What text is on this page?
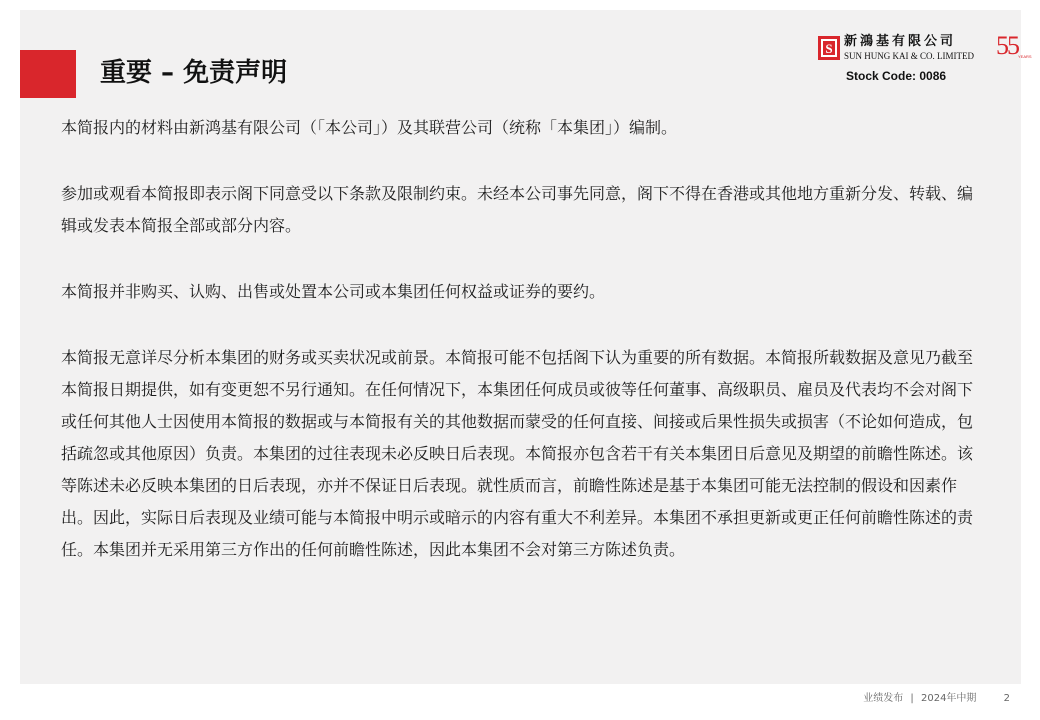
重要 – 免责声明
S 新鴻基有限公司
SUN HUNG KAI & CO. LIMITED 55 YEARS
Stock Code: 0086

本简报内的材料由新鸿基有限公司（「本公司」）及其联营公司（统称「本集团」）编制。

参加或观看本简报即表示阁下同意受以下条款及限制约束。未经本公司事先同意，阁下不得在香港或其他地方重新分发、转载、编辑或发表本简报全部或部分内容。

本简报并非购买、认购、出售或处置本公司或本集团任何权益或证券的要约。

本简报无意详尽分析本集团的财务或买卖状况或前景。本简报可能不包括阁下认为重要的所有数据。本简报所载数据及意见乃截至本简报日期提供，如有变更恕不另行通知。在任何情况下，本集团任何成员或彼等任何董事、高级职员、雇员及代表均不会对阁下或任何其他人士因使用本简报的数据或与本简报有关的其他数据而蒙受的任何直接、间接或后果性损失或损害（不论如何造成，包括疏忽或其他原因）负责。本集团的过往表现未必反映日后表现。本简报亦包含若干有关本集团日后意见及期望的前瞻性陈述。该等陈述未必反映本集团的日后表现，亦并不保证日后表现。就性质而言，前瞻性陈述是基于本集团可能无法控制的假设和因素作出。因此，实际日后表现及业绩可能与本简报中明示或暗示的内容有重大不利差异。本集团不承担更新或更正任何前瞻性陈述的责任。本集团并无采用第三方作出的任何前瞻性陈述，因此本集团不会对第三方陈述负责。

业绩发布 | 2024年中期	2
